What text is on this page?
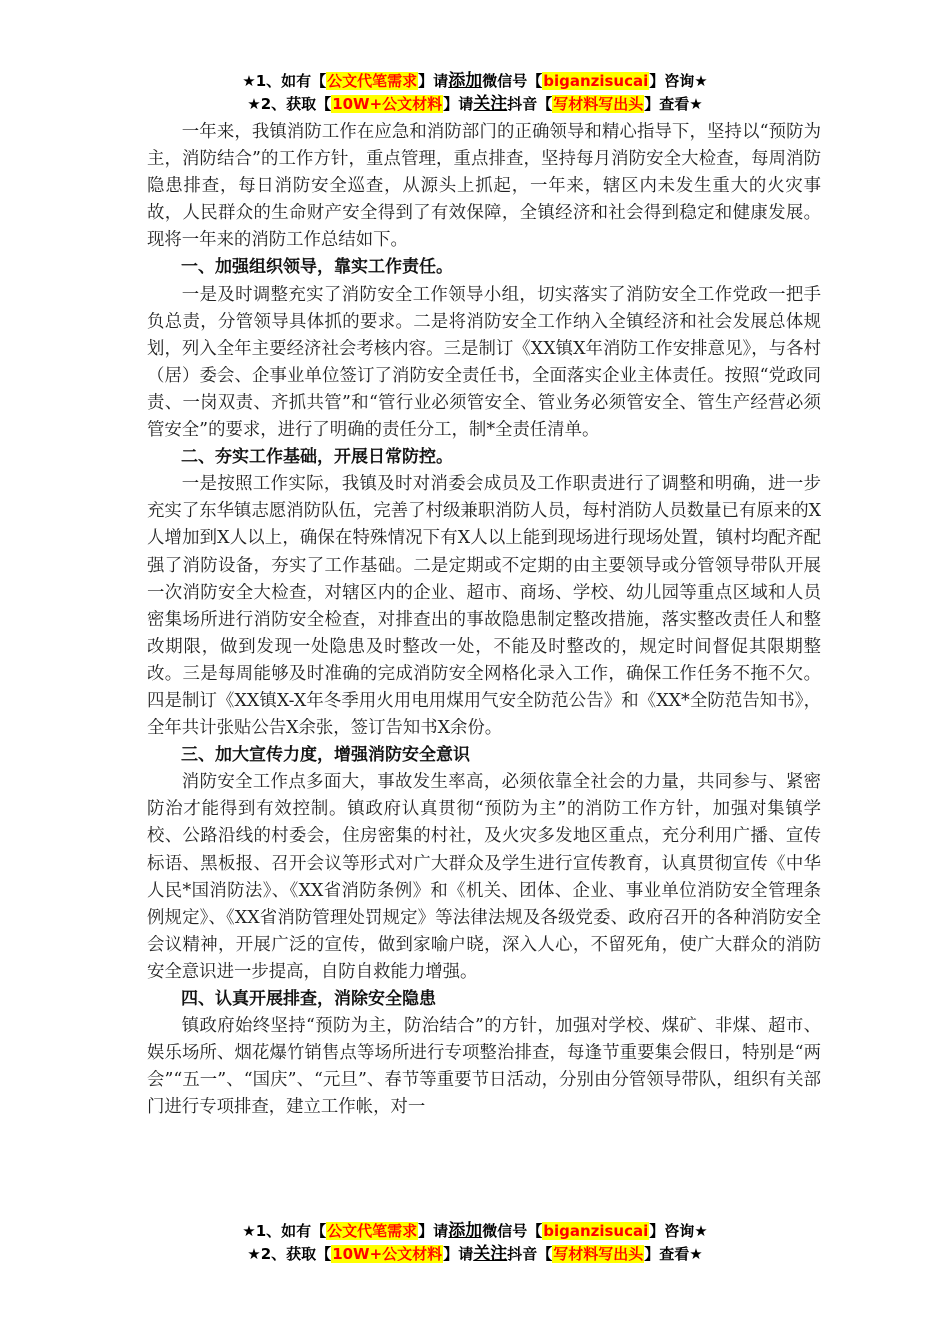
★1、如有【公文代笔需求】请添加微信号【biganzisucai】咨询★
★2、获取【10W+公文材料】请关注抖音【写材料写出头】查看★

一年来，我镇消防工作在应急和消防部门的正确领导和精心指导下，坚持以“预防为主，消防结合”的工作方针，重点管理，重点排查，坚持每月消防安全大检查，每周消防隐患排查，每日消防安全巡查，从源头上抓起，一年来，辖区内未发生重大的火灾事故，人民群众的生命财产安全得到了有效保障，全镇经济和社会得到稳定和健康发展。现将一年来的消防工作总结如下。

一、加强组织领导，靠实工作责任。

一是及时调整充实了消防安全工作领导小组，切实落实了消防安全工作党政一把手负总责，分管领导具体抓的要求。二是将消防安全工作纳入全镇经济和社会发展总体规划，列入全年主要经济社会考核内容。三是制订《XX镇X年消防工作安排意见》，与各村（居）委会、企事业单位签订了消防安全责任书，全面落实企业主体责任。按照“党政同责、一岗双责、齐抓共管”和“管行业必须管安全、管业务必须管安全、管生产经营必须管安全”的要求，进行了明确的责任分工，制*全责任清单。

二、夯实工作基础，开展日常防控。

一是按照工作实际，我镇及时对消委会成员及工作职责进行了调整和明确，进一步充实了东华镇志愿消防队伍，完善了村级兼职消防人员，每村消防人员数量已有原来的X人增加到X人以上，确保在特殊情况下有X人以上能到现场进行现场处置，镇村均配齐配强了消防设备，夯实了工作基础。二是定期或不定期的由主要领导或分管领导带队开展一次消防安全大检查，对辖区内的企业、超市、商场、学校、幼儿园等重点区域和人员密集场所进行消防安全检查，对排查出的事故隐患制定整改措施，落实整改责任人和整改期限，做到发现一处隐患及时整改一处，不能及时整改的，规定时间督促其限期整改。三是每周能够及时准确的完成消防安全网格化录入工作，确保工作任务不拖不欠。四是制订《XX镇X-X年冬季用火用电用煤用气安全防范公告》和《XX*全防范告知书》，全年共计张贴公告X余张，签订告知书X余份。

三、加大宣传力度，增强消防安全意识

消防安全工作点多面大，事故发生率高，必须依靠全社会的力量，共同参与、紧密防治才能得到有效控制。镇政府认真贯彻“预防为主”的消防工作方针，加强对集镇学校、公路沿线的村委会，住房密集的村社，及火灾多发地区重点，充分利用广播、宣传标语、黑板报、召开会议等形式对广大群众及学生进行宣传教育，认真贯彻宣传《中华人民*国消防法》、《XX省消防条例》和《机关、团体、企业、事业单位消防安全管理条例规定》、《XX省消防管理处罚规定》等法律法规及各级党委、政府召开的各种消防安全会议精神，开展广泛的宣传，做到家喻户晓，深入人心，不留死角，使广大群众的消防安全意识进一步提高，自防自救能力增强。

四、认真开展排查，消除安全隐患

镇政府始终坚持“预防为主，防治结合”的方针，加强对学校、煤矿、非煤、超市、娱乐场所、烟花爆竹销售点等场所进行专项整治排查，每逢节重要集会假日，特别是“两会”“五一”、“国庆”、“元旦”、春节等重要节日活动，分别由分管领导带队，组织有关部门进行专项排查，建立工作帐，对一

★1、如有【公文代笔需求】请添加微信号【biganzisucai】咨询★
★2、获取【10W+公文材料】请关注抖音【写材料写出头】查看★
